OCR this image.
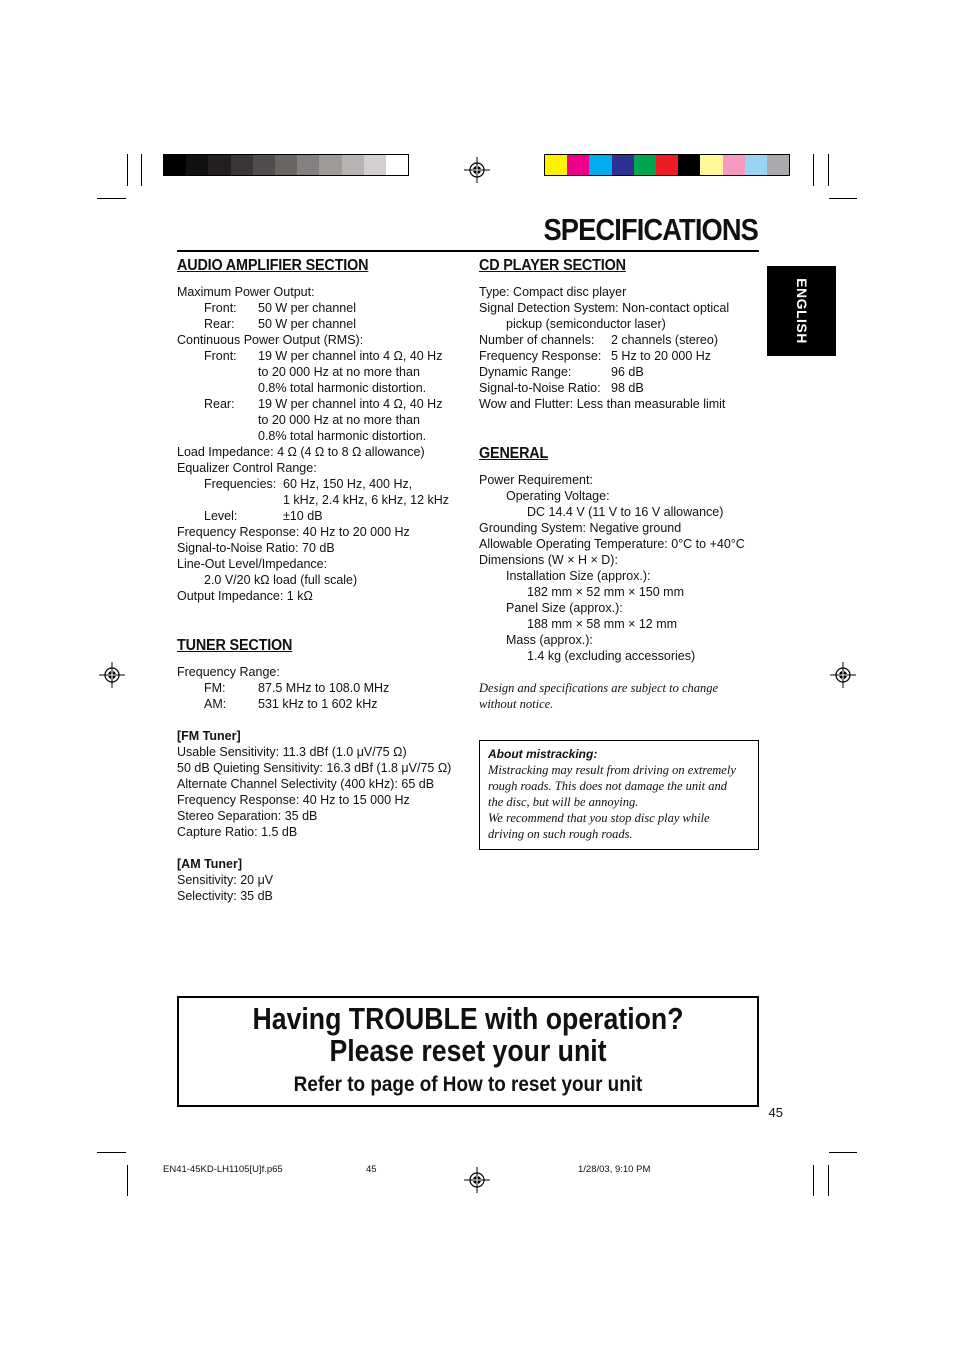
SPECIFICATIONS
ENGLISH
AUDIO AMPLIFIER SECTION
Maximum Power Output:
Front:	50 W per channel
Rear:	50 W per channel
Continuous Power Output (RMS):
Front:	19 W per channel into 4 Ω, 40 Hz
to 20 000 Hz at no more than
0.8% total harmonic distortion.
Rear:	19 W per channel into 4 Ω, 40 Hz
to 20 000 Hz at no more than
0.8% total harmonic distortion.
Load Impedance: 4 Ω (4 Ω to 8 Ω allowance)
Equalizer Control Range:
Frequencies: 60 Hz, 150 Hz, 400 Hz,
1 kHz, 2.4 kHz, 6 kHz, 12 kHz
Level:	±10 dB
Frequency Response: 40 Hz to 20 000 Hz
Signal-to-Noise Ratio: 70 dB
Line-Out Level/Impedance:
2.0 V/20 kΩ load (full scale)
Output Impedance: 1 kΩ
TUNER SECTION
Frequency Range:
FM:	87.5 MHz to 108.0 MHz
AM:	531 kHz to 1 602 kHz
[FM Tuner]
Usable Sensitivity: 11.3 dBf (1.0 μV/75 Ω)
50 dB Quieting Sensitivity: 16.3 dBf (1.8 μV/75 Ω)
Alternate Channel Selectivity (400 kHz): 65 dB
Frequency Response: 40 Hz to 15 000 Hz
Stereo Separation: 35 dB
Capture Ratio: 1.5 dB
[AM Tuner]
Sensitivity: 20 μV
Selectivity: 35 dB
CD PLAYER SECTION
Type: Compact disc player
Signal Detection System: Non-contact optical
pickup (semiconductor laser)
Number of channels:	2 channels (stereo)
Frequency Response: 5 Hz to 20 000 Hz
Dynamic Range:	96 dB
Signal-to-Noise Ratio: 98 dB
Wow and Flutter: Less than measurable limit
GENERAL
Power Requirement:
Operating Voltage:
DC 14.4 V (11 V to 16 V allowance)
Grounding System: Negative ground
Allowable Operating Temperature: 0°C to +40°C
Dimensions (W × H × D):
Installation Size (approx.):
182 mm × 52 mm × 150 mm
Panel Size (approx.):
188 mm × 58 mm × 12 mm
Mass (approx.):
1.4 kg (excluding accessories)
Design and specifications are subject to change
without notice.
About mistracking:
Mistracking may result from driving on extremely
rough roads. This does not damage the unit and
the disc, but will be annoying.
We recommend that you stop disc play while
driving on such rough roads.
Having TROUBLE with operation?
Please reset your unit
Refer to page of How to reset your unit
45
EN41-45KD-LH1105[U]f.p65	45	1/28/03, 9:10 PM
